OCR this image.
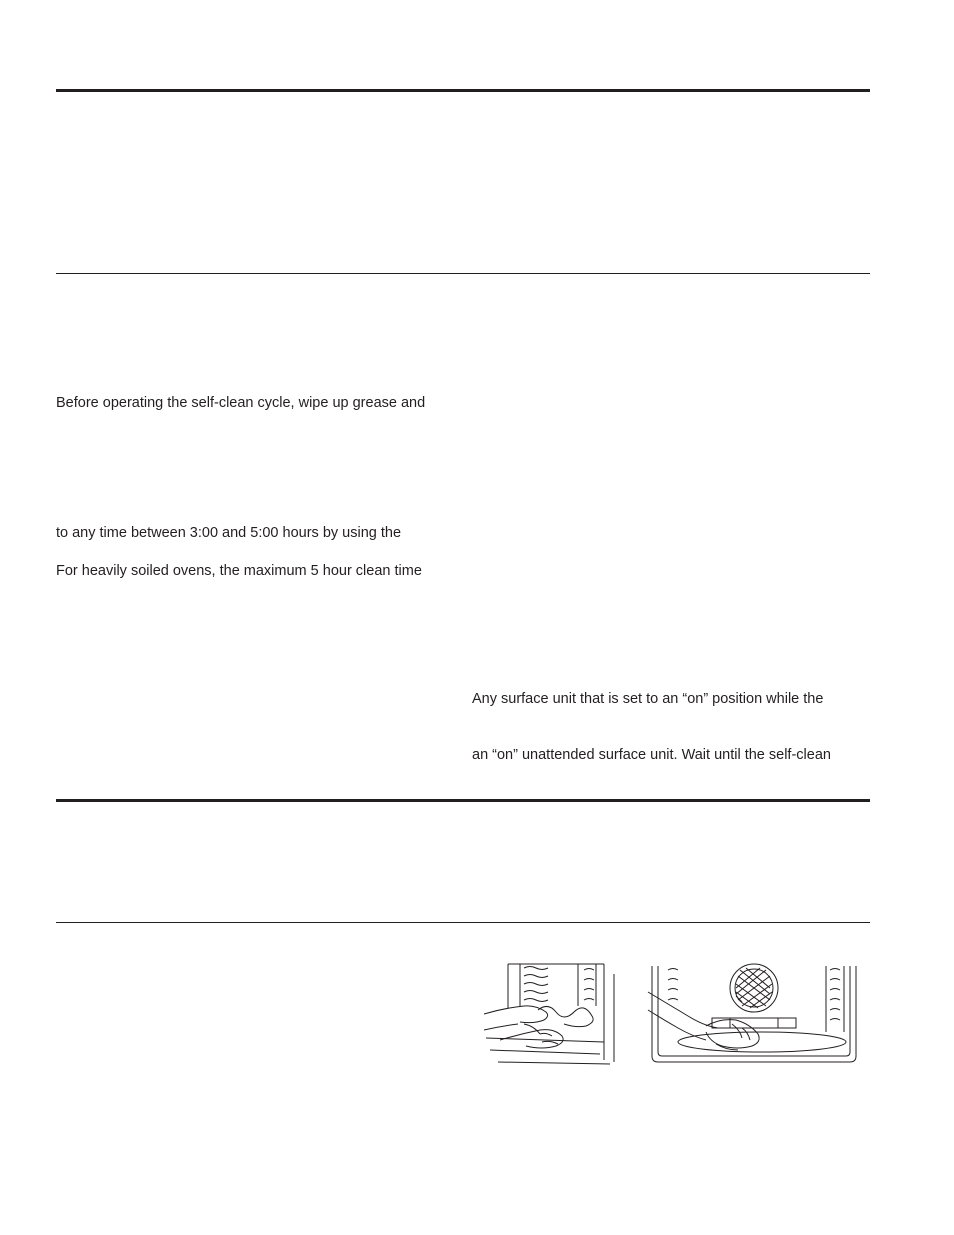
Before operating the self-clean cycle, wipe up grease and
to any time between 3:00 and 5:00 hours by using the
For heavily soiled ovens, the maximum 5 hour clean time
Any surface unit that is set to an “on” position while the
an “on” unattended surface unit. Wait until the self-clean
